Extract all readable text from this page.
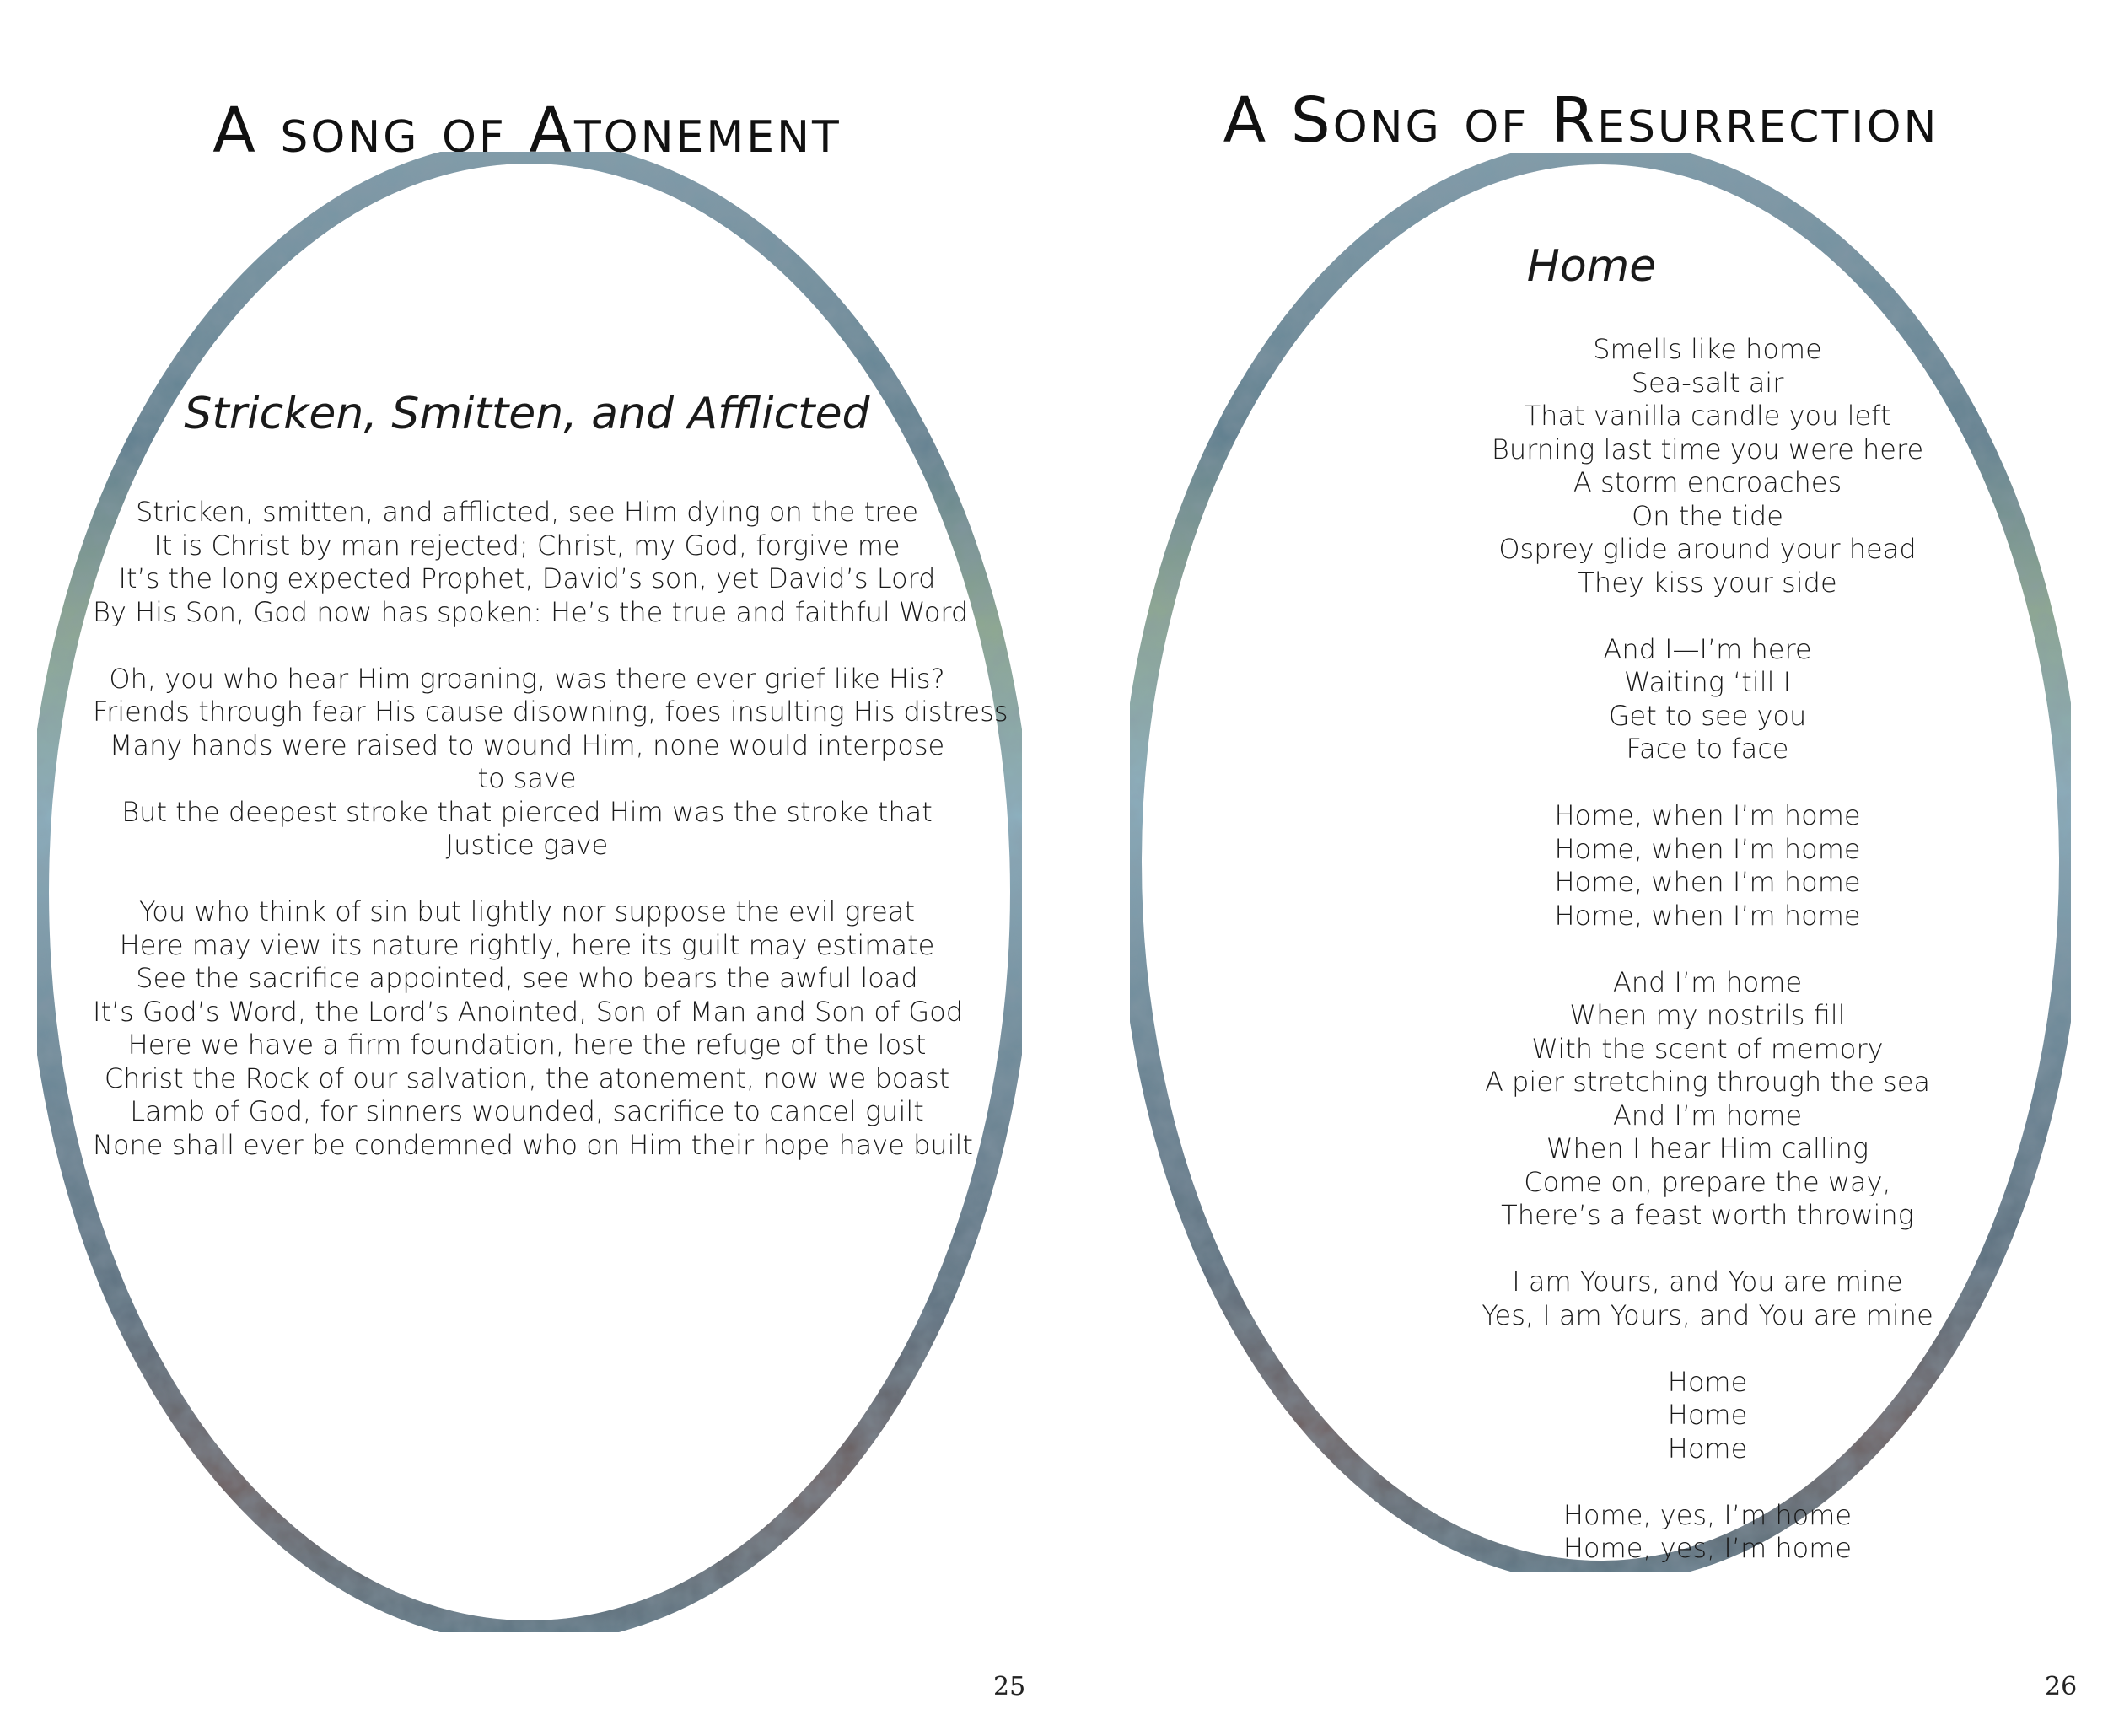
A song of Atonement
Stricken, Smitten, and Afflicted
Stricken, smitten, and afflicted, see Him dying on the tree
It is Christ by man rejected; Christ, my God, forgive me
It’s the long expected Prophet, David’s son, yet David’s Lord
By His Son, God now has spoken: He’s the true and faithful Word
Oh, you who hear Him groaning, was there ever grief like His?
Friends through fear His cause disowning, foes insulting His distress
Many hands were raised to wound Him, none would interpose to save
But the deepest stroke that pierced Him was the stroke that Justice gave
You who think of sin but lightly nor suppose the evil great
Here may view its nature rightly, here its guilt may estimate
See the sacrifice appointed, see who bears the awful load
It’s God’s Word, the Lord’s Anointed, Son of Man and Son of God
Here we have a firm foundation, here the refuge of the lost
Christ the Rock of our salvation, the atonement, now we boast
Lamb of God, for sinners wounded, sacrifice to cancel guilt
None shall ever be condemned who on Him their hope have built
25
A Song of Resurrection
Home
Smells like home
Sea-salt air
That vanilla candle you left
Burning last time you were here
A storm encroaches
On the tide
Osprey glide around your head
They kiss your side
And I—I’m here
Waiting ‘till I
Get to see you
Face to face
Home, when I’m home
Home, when I’m home
Home, when I’m home
Home, when I’m home
And I’m home
When my nostrils fill
With the scent of memory
A pier stretching through the sea
And I’m home
When I hear Him calling
Come on, prepare the way,
There’s a feast worth throwing
I am Yours, and You are mine
Yes, I am Yours, and You are mine
Home
Home
Home
Home, yes, I’m home
Home, yes, I’m home
26
